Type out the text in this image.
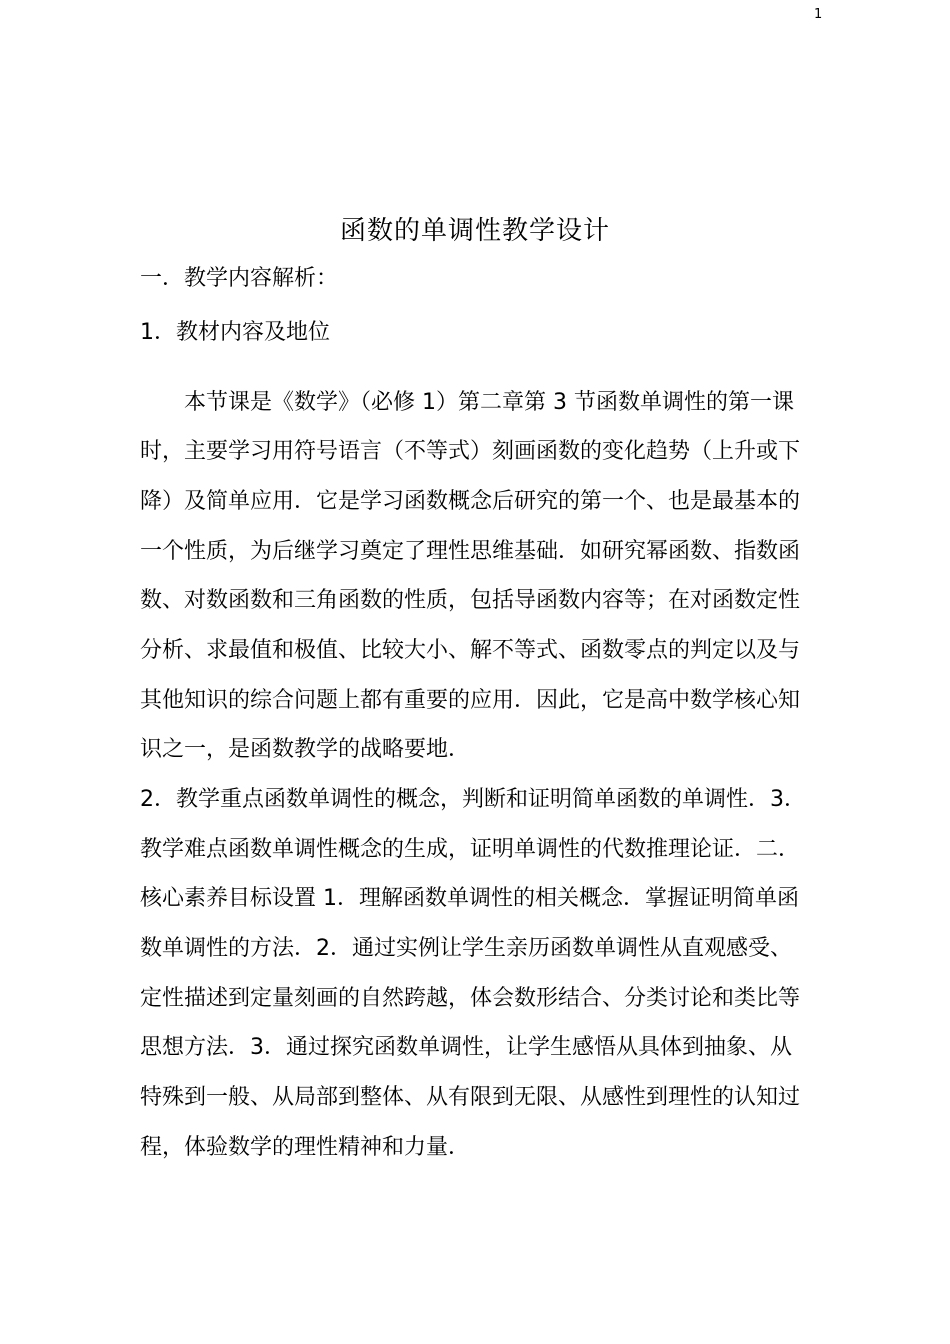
1
函数的单调性教学设计
一．教学内容解析：
1．教材内容及地位
本节课是《数学》（必修 1）第二章第 3 节函数单调性的第一课
时，主要学习用符号语言（不等式）刻画函数的变化趋势（上升或下
降）及简单应用．它是学习函数概念后研究的第一个、也是最基本的
一个性质，为后继学习奠定了理性思维基础．如研究幂函数、指数函
数、对数函数和三角函数的性质，包括导函数内容等；在对函数定性
分析、求最值和极值、比较大小、解不等式、函数零点的判定以及与
其他知识的综合问题上都有重要的应用．因此，它是高中数学核心知
识之一，是函数教学的战略要地．
2．教学重点函数单调性的概念，判断和证明简单函数的单调性．3．
教学难点函数单调性概念的生成，证明单调性的代数推理论证．二．
核心素养目标设置 1．理解函数单调性的相关概念．掌握证明简单函
数单调性的方法．2．通过实例让学生亲历函数单调性从直观感受、
定性描述到定量刻画的自然跨越，体会数形结合、分类讨论和类比等
思想方法．3．通过探究函数单调性，让学生感悟从具体到抽象、从
特殊到一般、从局部到整体、从有限到无限、从感性到理性的认知过
程，体验数学的理性精神和力量．
